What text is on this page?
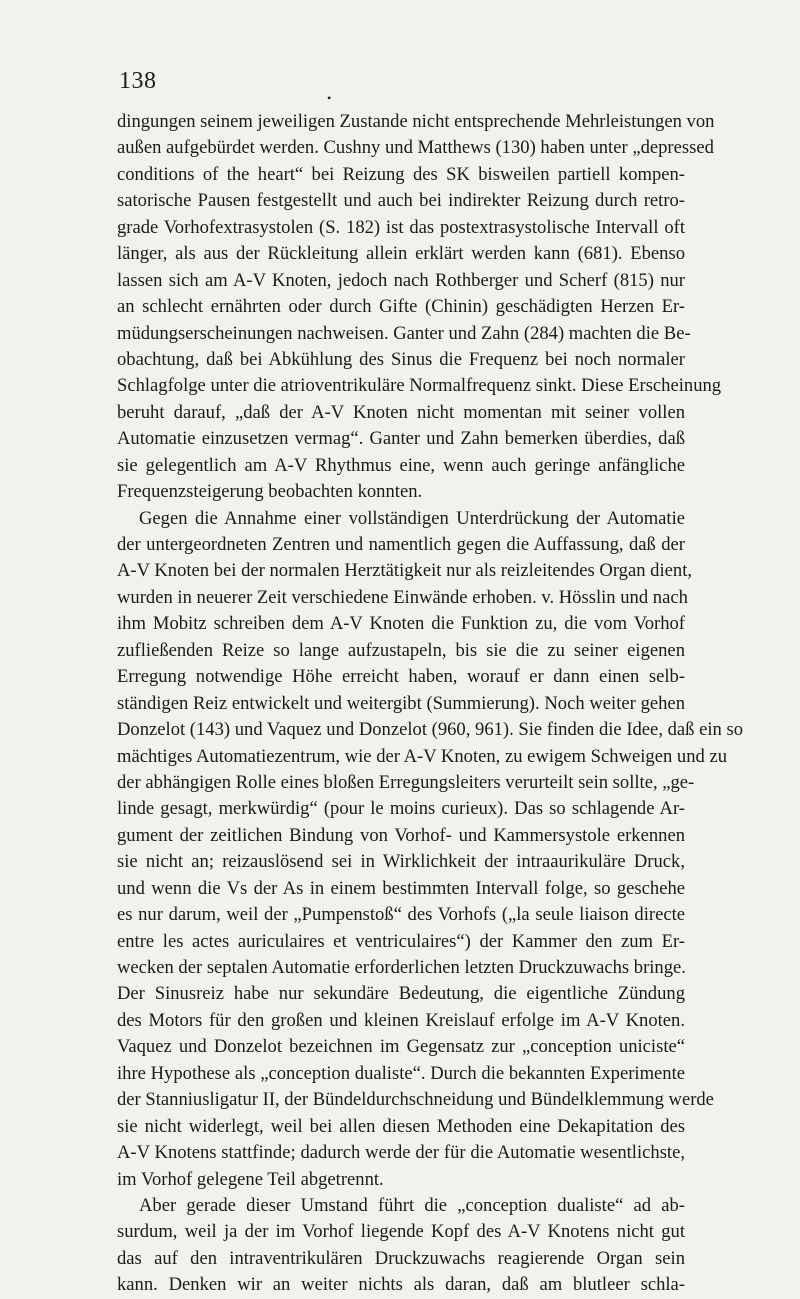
138
•
dingungen seinem jeweiligen Zustande nicht entsprechende Mehrleistungen von
außen aufgebürdet werden. Cushny und Matthews (130) haben unter „depressed
conditions of the heart“ bei Reizung des SK bisweilen partiell kompen-
satorische Pausen festgestellt und auch bei indirekter Reizung durch retro-
grade Vorhofextrasystolen (S. 182) ist das postextrasystolische Intervall oft
länger, als aus der Rückleitung allein erklärt werden kann (681). Ebenso
lassen sich am A-V Knoten, jedoch nach Rothberger und Scherf (815) nur
an schlecht ernährten oder durch Gifte (Chinin) geschädigten Herzen Er-
müdungserscheinungen nachweisen. Ganter und Zahn (284) machten die Be-
obachtung, daß bei Abkühlung des Sinus die Frequenz bei noch normaler
Schlagfolge unter die atrioventrikuläre Normalfrequenz sinkt. Diese Erscheinung
beruht darauf, „daß der A-V Knoten nicht momentan mit seiner vollen
Automatie einzusetzen vermag“. Ganter und Zahn bemerken überdies, daß
sie gelegentlich am A-V Rhythmus eine, wenn auch geringe anfängliche
Frequenzsteigerung beobachten konnten.
Gegen die Annahme einer vollständigen Unterdrückung der Automatie
der untergeordneten Zentren und namentlich gegen die Auffassung, daß der
A-V Knoten bei der normalen Herztätigkeit nur als reizleitendes Organ dient,
wurden in neuerer Zeit verschiedene Einwände erhoben. v. Hösslin und nach
ihm Mobitz schreiben dem A-V Knoten die Funktion zu, die vom Vorhof
zufließenden Reize so lange aufzustapeln, bis sie die zu seiner eigenen
Erregung notwendige Höhe erreicht haben, worauf er dann einen selb-
ständigen Reiz entwickelt und weitergibt (Summierung). Noch weiter gehen
Donzelot (143) und Vaquez und Donzelot (960, 961). Sie finden die Idee, daß ein so
mächtiges Automatiezentrum, wie der A-V Knoten, zu ewigem Schweigen und zu
der abhängigen Rolle eines bloßen Erregungsleiters verurteilt sein sollte, „ge-
linde gesagt, merkwürdig“ (pour le moins curieux). Das so schlagende Ar-
gument der zeitlichen Bindung von Vorhof- und Kammersystole erkennen
sie nicht an; reizauslösend sei in Wirklichkeit der intraaurikuläre Druck,
und wenn die Vs der As in einem bestimmten Intervall folge, so geschehe
es nur darum, weil der „Pumpenstoß“ des Vorhofs („la seule liaison directe
entre les actes auriculaires et ventriculaires“) der Kammer den zum Er-
wecken der septalen Automatie erforderlichen letzten Druckzuwachs bringe.
Der Sinusreiz habe nur sekundäre Bedeutung, die eigentliche Zündung
des Motors für den großen und kleinen Kreislauf erfolge im A-V Knoten.
Vaquez und Donzelot bezeichnen im Gegensatz zur „conception uniciste“
ihre Hypothese als „conception dualiste“. Durch die bekannten Experimente
der Stanniusligatur II, der Bündeldurchschneidung und Bündelklemmung werde
sie nicht widerlegt, weil bei allen diesen Methoden eine Dekapitation des
A-V Knotens stattfinde; dadurch werde der für die Automatie wesentlichste,
im Vorhof gelegene Teil abgetrennt.
Aber gerade dieser Umstand führt die „conception dualiste“ ad ab-
surdum, weil ja der im Vorhof liegende Kopf des A-V Knotens nicht gut
das auf den intraventrikulären Druckzuwachs reagierende Organ sein
kann. Denken wir an weiter nichts als daran, daß am blutleer schla-
